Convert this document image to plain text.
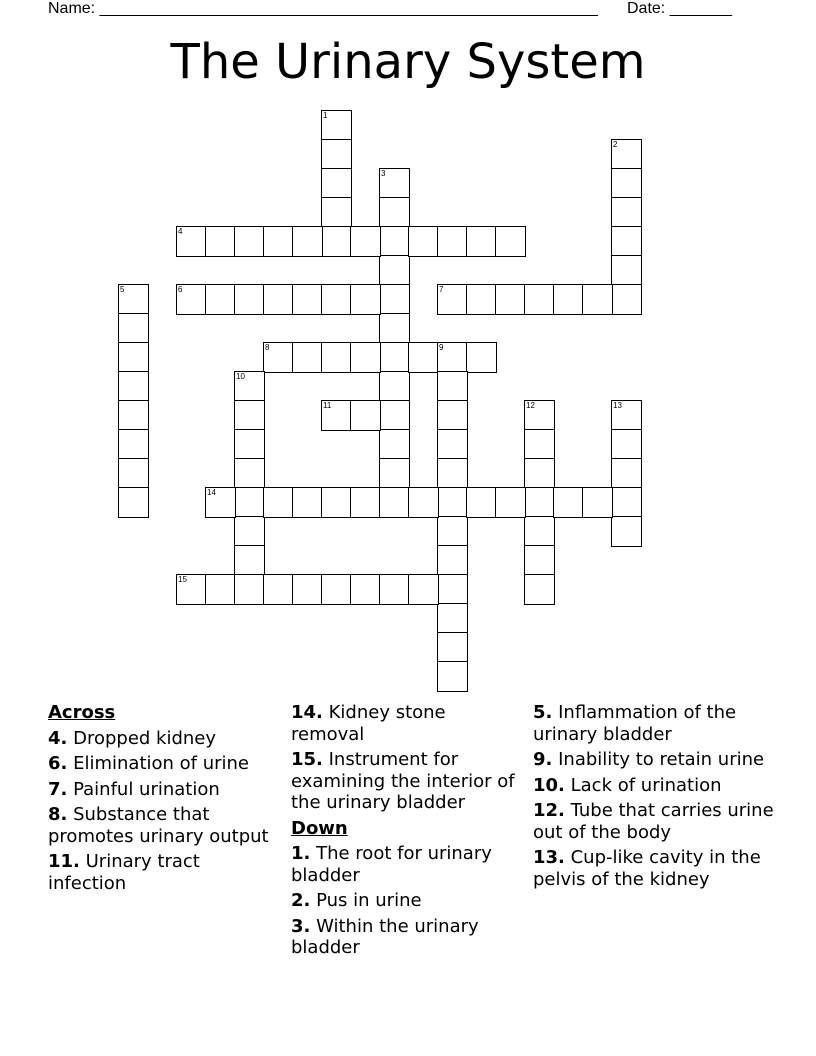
Name: ________________________________________________________ Date: _______
The Urinary System
1
2
3
4
5	6	7
8	9
10
11	12	13
14
15
Across
4. Dropped kidney
6. Elimination of urine
7. Painful urination
8. Substance that promotes urinary output
11. Urinary tract infection
14. Kidney stone removal
15. Instrument for examining the interior of the urinary bladder
Down
1. The root for urinary bladder
2. Pus in urine
3. Within the urinary bladder
5. Inflammation of the urinary bladder
9. Inability to retain urine
10. Lack of urination
12. Tube that carries urine out of the body
13. Cup-like cavity in the pelvis of the kidney
